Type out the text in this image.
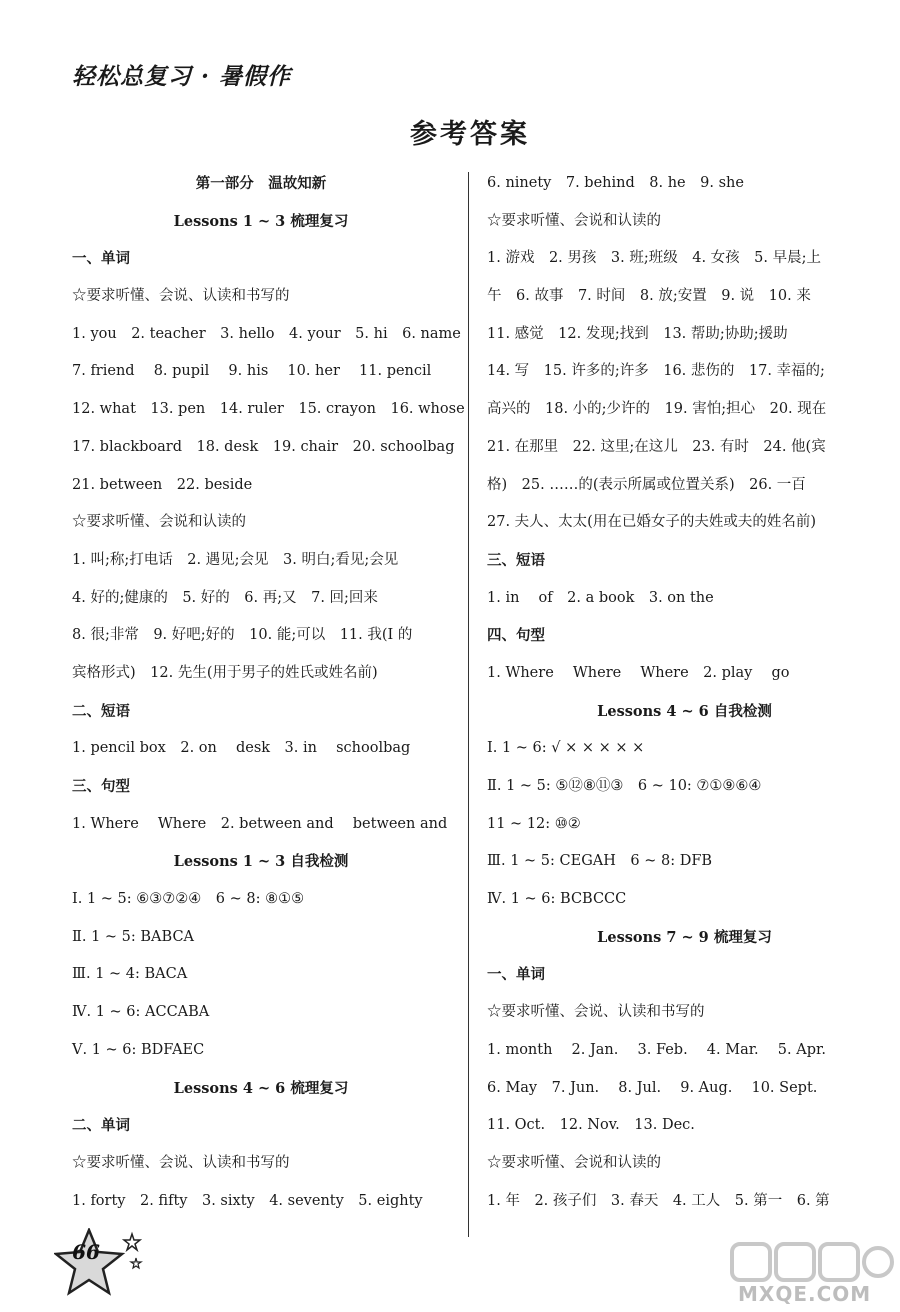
轻松总复习 · 暑假作
参考答案
第一部分　温故知新
Lessons 1 ~ 3 梳理复习
一、单词
☆要求听懂、会说、认读和书写的
1. you　2. teacher　3. hello　4. your　5. hi　6. name
7. friend　 8. pupil　 9. his　 10. her　 11. pencil
12. what　13. pen　14. ruler　15. crayon　16. whose
17. blackboard　18. desk　19. chair　20. schoolbag
21. between　22. beside
☆要求听懂、会说和认读的
1. 叫;称;打电话　2. 遇见;会见　3. 明白;看见;会见
4. 好的;健康的　5. 好的　6. 再;又　7. 回;回来
8. 很;非常　9. 好吧;好的　10. 能;可以　11. 我(I 的
宾格形式)　12. 先生(用于男子的姓氏或姓名前)
二、短语
1. pencil box　2. on　 desk　3. in　 schoolbag
三、句型
1. Where　 Where　2. between and　 between and
Lessons 1 ~ 3 自我检测
Ⅰ. 1 ~ 5: ⑥③⑦②④　6 ~ 8: ⑧①⑤
Ⅱ. 1 ~ 5: BABCA
Ⅲ. 1 ~ 4: BACA
Ⅳ. 1 ~ 6: ACCABA
Ⅴ. 1 ~ 6: BDFAEC
Lessons 4 ~ 6 梳理复习
二、单词
☆要求听懂、会说、认读和书写的
1. forty　2. fifty　3. sixty　4. seventy　5. eighty
6. ninety　7. behind　8. he　9. she
☆要求听懂、会说和认读的
1. 游戏　2. 男孩　3. 班;班级　4. 女孩　5. 早晨;上
午　6. 故事　7. 时间　8. 放;安置　9. 说　10. 来
11. 感觉　12. 发现;找到　13. 帮助;协助;援助
14. 写　15. 许多的;许多　16. 悲伤的　17. 幸福的;
高兴的　18. 小的;少许的　19. 害怕;担心　20. 现在
21. 在那里　22. 这里;在这儿　23. 有时　24. 他(宾
格)　25. ……的(表示所属或位置关系)　26. 一百
27. 夫人、太太(用在已婚女子的夫姓或夫的姓名前)
三、短语
1. in　 of　2. a book　3. on the
四、句型
1. Where　 Where　 Where　2. play　 go
Lessons 4 ~ 6 自我检测
Ⅰ. 1 ~ 6: √ × × × × ×
Ⅱ. 1 ~ 5: ⑤⑫⑧⑪③　6 ~ 10: ⑦①⑨⑥④
11 ~ 12: ⑩②
Ⅲ. 1 ~ 5: CEGAH　6 ~ 8: DFB
Ⅳ. 1 ~ 6: BCBCCC
Lessons 7 ~ 9 梳理复习
一、单词
☆要求听懂、会说、认读和书写的
1. month　 2. Jan.　 3. Feb.　 4. Mar.　 5. Apr.
6. May　7. Jun.　 8. Jul.　 9. Aug.　 10. Sept.
11. Oct.　12. Nov.　13. Dec.
☆要求听懂、会说和认读的
1. 年　2. 孩子们　3. 春天　4. 工人　5. 第一　6. 第
66
MXQE.COM
